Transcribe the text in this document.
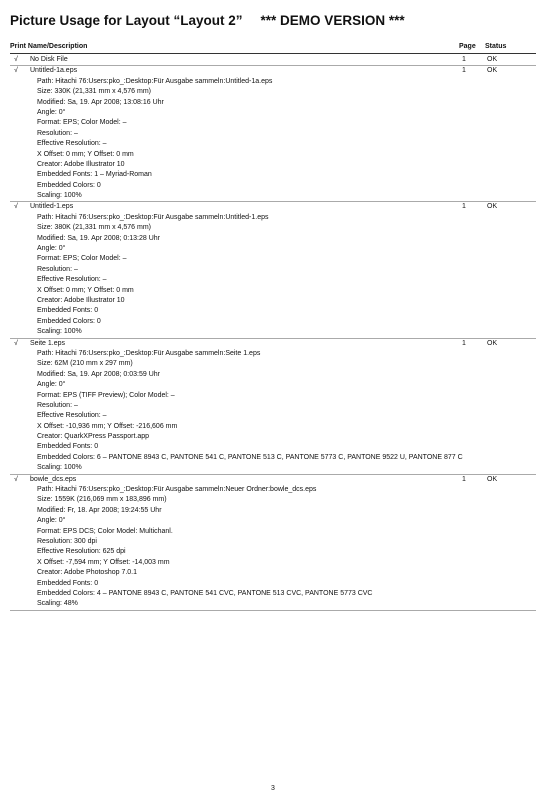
Picture Usage for Layout “Layout 2” *** DEMO VERSION ***
Print Name/Description	Page Status
√ No Disk File	1	OK
√ Untitled-1a.eps	1	OK
Path: Hitachi 76:Users:pko_:Desktop:Für Ausgabe sammeln:Untitled-1a.eps
Size: 330K (21,331 mm x 4,576 mm)
Modified: Sa, 19. Apr 2008; 13:08:16 Uhr
Angle: 0°
Format: EPS; Color Model: –
Resolution: –
Effective Resolution: –
X Offset: 0 mm; Y Offset: 0 mm
Creator: Adobe Illustrator 10
Embedded Fonts: 1 – Myriad-Roman
Embedded Colors: 0
Scaling: 100%
√ Untitled-1.eps	1	OK
Path: Hitachi 76:Users:pko_:Desktop:Für Ausgabe sammeln:Untitled-1.eps
Size: 380K (21,331 mm x 4,576 mm)
Modified: Sa, 19. Apr 2008; 0:13:28 Uhr
Angle: 0°
Format: EPS; Color Model: –
Resolution: –
Effective Resolution: –
X Offset: 0 mm; Y Offset: 0 mm
Creator: Adobe Illustrator 10
Embedded Fonts: 0
Embedded Colors: 0
Scaling: 100%
√ Seite 1.eps	1	OK
Path: Hitachi 76:Users:pko_:Desktop:Für Ausgabe sammeln:Seite 1.eps
Size: 62M (210 mm x 297 mm)
Modified: Sa, 19. Apr 2008; 0:03:59 Uhr
Angle: 0°
Format: EPS (TIFF Preview); Color Model: –
Resolution: –
Effective Resolution: –
X Offset: -10,936 mm; Y Offset: -216,606 mm
Creator: QuarkXPress Passport.app
Embedded Fonts: 0
Embedded Colors: 6 – PANTONE 8943 C, PANTONE 541 C, PANTONE 513 C, PANTONE 5773 C, PANTONE 9522 U, PANTONE 877 C
Scaling: 100%
√ bowle_dcs.eps	1	OK
Path: Hitachi 76:Users:pko_:Desktop:Für Ausgabe sammeln:Neuer Ordner:bowle_dcs.eps
Size: 1559K (216,069 mm x 183,896 mm)
Modified: Fr, 18. Apr 2008; 19:24:55 Uhr
Angle: 0°
Format: EPS DCS; Color Model: Multichanl.
Resolution: 300 dpi
Effective Resolution: 625 dpi
X Offset: -7,594 mm; Y Offset: -14,003 mm
Creator: Adobe Photoshop 7.0.1
Embedded Fonts: 0
Embedded Colors: 4 – PANTONE 8943 C, PANTONE 541 CVC, PANTONE 513 CVC, PANTONE 5773 CVC
Scaling: 48%
3
